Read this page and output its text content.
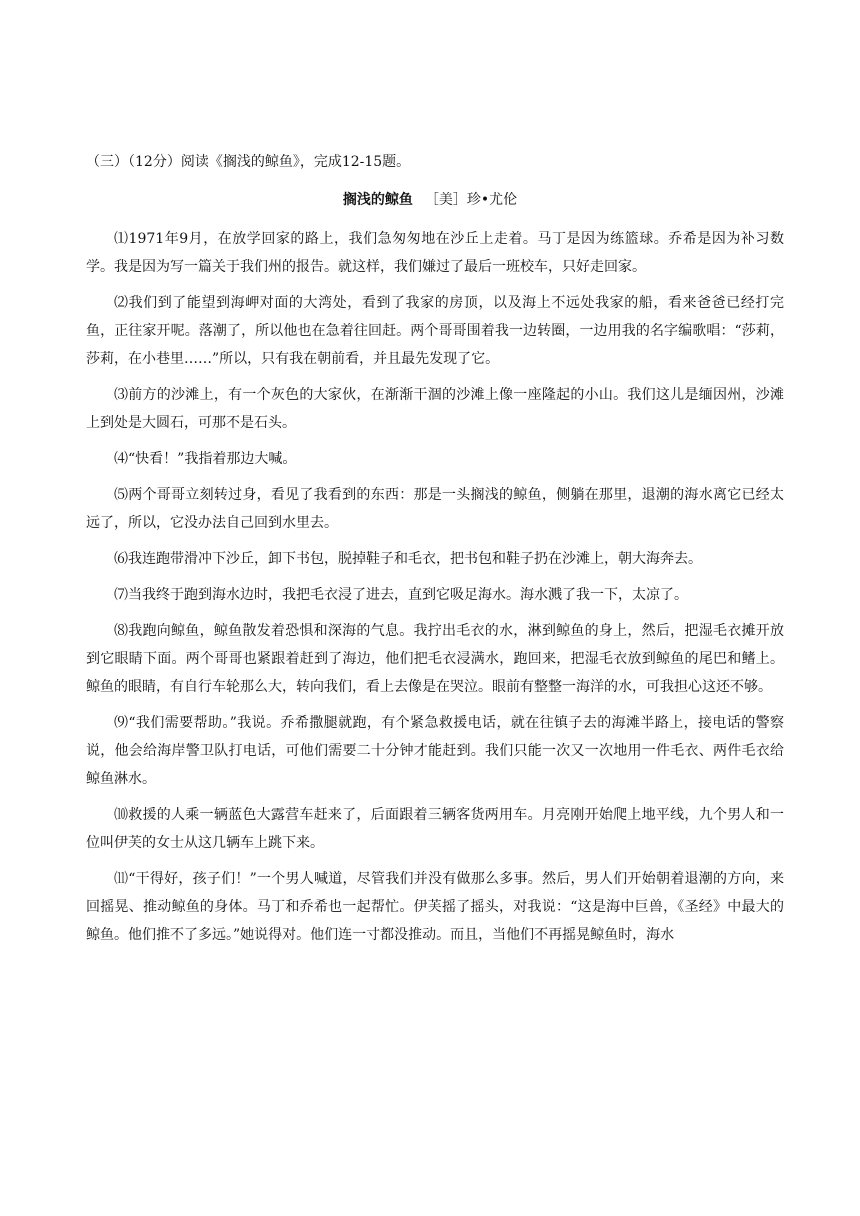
（三）（12分）阅读《搁浅的鲸鱼》，完成12-15题。
搁浅的鲸鱼 ［美］珍•尤伦

⑴1971年9月，在放学回家的路上，我们急匆匆地在沙丘上走着。马丁是因为练篮球。乔希是因为补习数学。我是因为写一篇关于我们州的报告。就这样，我们嫌过了最后一班校车，只好走回家。

⑵我们到了能望到海岬对面的大湾处，看到了我家的房顶，以及海上不远处我家的船，看来爸爸已经打完鱼，正往家开呢。落潮了，所以他也在急着往回赶。两个哥哥围着我一边转圈，一边用我的名字编歌唱：“莎莉，莎莉，在小巷里……”所以，只有我在朝前看，并且最先发现了它。

⑶前方的沙滩上，有一个灰色的大家伙，在渐渐干涸的沙滩上像一座隆起的小山。我们这儿是缅因州，沙滩上到处是大圆石，可那不是石头。

⑷“快看！”我指着那边大喊。

⑸两个哥哥立刻转过身，看见了我看到的东西：那是一头搁浅的鲸鱼，侧躺在那里，退潮的海水离它已经太远了，所以，它没办法自己回到水里去。

⑹我连跑带滑冲下沙丘，卸下书包，脱掉鞋子和毛衣，把书包和鞋子扔在沙滩上，朝大海奔去。

⑺当我终于跑到海水边时，我把毛衣浸了进去，直到它吸足海水。海水溅了我一下，太凉了。

⑻我跑向鲸鱼，鲸鱼散发着恐惧和深海的气息。我拧出毛衣的水，淋到鲸鱼的身上，然后，把湿毛衣摊开放到它眼睛下面。两个哥哥也紧跟着赶到了海边，他们把毛衣浸满水，跑回来，把湿毛衣放到鲸鱼的尾巴和鳍上。鲸鱼的眼睛，有自行车轮那么大，转向我们，看上去像是在哭泣。眼前有整整一海洋的水，可我担心这还不够。

⑼“我们需要帮助。”我说。乔希撒腿就跑，有个紧急救援电话，就在往镇子去的海滩半路上，接电话的警察说，他会给海岸警卫队打电话，可他们需要二十分钟才能赶到。我们只能一次又一次地用一件毛衣、两件毛衣给鲸鱼淋水。

⑽救援的人乘一辆蓝色大露营车赶来了，后面跟着三辆客货两用车。月亮刚开始爬上地平线，九个男人和一位叫伊芙的女士从这几辆车上跳下来。

⑾“干得好，孩子们！”一个男人喊道，尽管我们并没有做那么多事。然后，男人们开始朝着退潮的方向，来回摇晃、推动鲸鱼的身体。马丁和乔希也一起帮忙。伊芙摇了摇头，对我说：“这是海中巨兽，《圣经》中最大的鲸鱼。他们推不了多远。”她说得对。他们连一寸都没推动。而且，当他们不再摇晃鲸鱼时，海水
